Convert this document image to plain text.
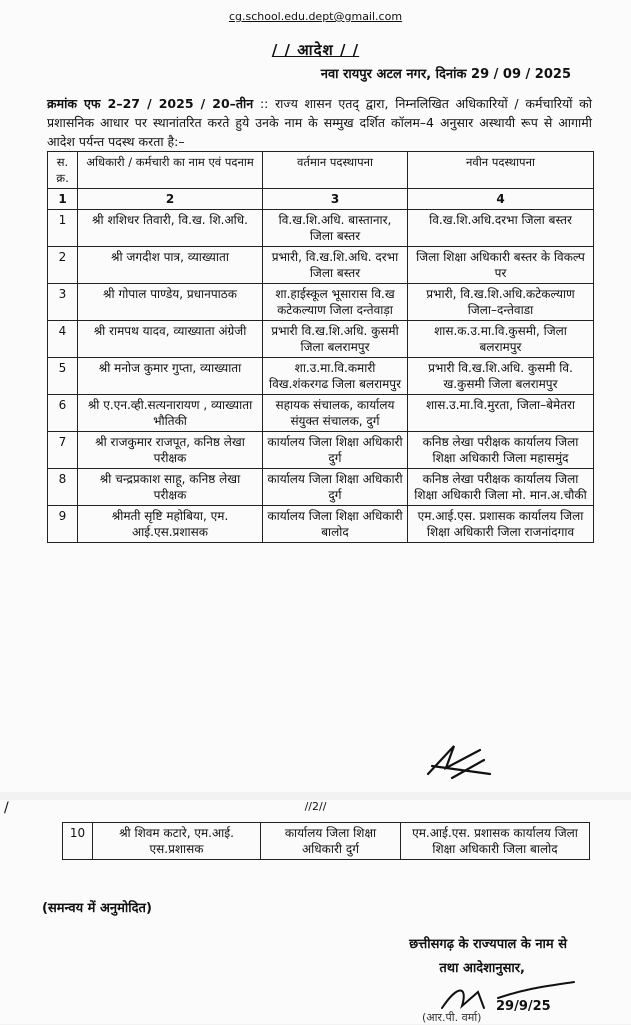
cg.school.edu.dept@gmail.com
/ / आदेश / /
नवा रायपुर अटल नगर, दिनांक 29 / 09 / 2025
क्रमांक एफ 2–27 / 2025 / 20–तीन :: राज्य शासन एतद् द्वारा, निम्नलिखित अधिकारियों / कर्मचारियों को प्रशासनिक आधार पर स्थानांतरित करते हुये उनके नाम के सम्मुख दर्शित कॉलम–4 अनुसार अस्थायी रूप से आगामी आदेश पर्यन्त पदस्थ करता है:–
स. क्र.	अधिकारी / कर्मचारी का नाम एवं पदनाम	वर्तमान पदस्थापना	नवीन पदस्थापना
1	2	3	4
1	श्री शशिधर तिवारी, वि.ख. शि.अधि.	वि.ख.शि.अधि. बास्तानार, जिला बस्तर	वि.ख.शि.अधि.दरभा जिला बस्तर
2	श्री जगदीश पात्र, व्याख्याता	प्रभारी, वि.ख.शि.अधि. दरभा जिला बस्तर	जिला शिक्षा अधिकारी बस्तर के विकल्प पर
3	श्री गोपाल पाण्डेय, प्रधानपाठक	शा.हाईस्कूल भूसारास वि.ख कटेकल्याण जिला दन्तेवाड़ा	प्रभारी, वि.ख.शि.अधि.कटेकल्याण जिला–दन्तेवाडा
4	श्री रामपथ यादव, व्याख्याता अंग्रेजी	प्रभारी वि.ख.शि.अधि. कुसमी जिला बलरामपुर	शास.क.उ.मा.वि.कुसमी, जिला बलरामपुर
5	श्री मनोज कुमार गुप्ता, व्याख्याता	शा.उ.मा.वि.कमारी विख.शंकरगढ जिला बलरामपुर	प्रभारी वि.ख.शि.अधि. कुसमी वि. ख.कुसमी जिला बलरामपुर
6	श्री ए.एन.व्ही.सत्यनारायण , व्याख्याता भौतिकी	सहायक संचालक, कार्यालय संयुक्त संचालक, दुर्ग	शास.उ.मा.वि.मुरता, जिला–बेमेतरा
7	श्री राजकुमार राजपूत, कनिष्ठ लेखा परीक्षक	कार्यालय जिला शिक्षा अधिकारी दुर्ग	कनिष्ठ लेखा परीक्षक कार्यालय जिला शिक्षा अधिकारी जिला महासमुंद
8	श्री चन्द्रप्रकाश साहू, कनिष्ठ लेखा परीक्षक	कार्यालय जिला शिक्षा अधिकारी दुर्ग	कनिष्ठ लेखा परीक्षक कार्यालय जिला शिक्षा अधिकारी जिला मो. मान.अ.चौकी
9	श्रीमती सृष्टि महोबिया, एम. आई.एस.प्रशासक	कार्यालय जिला शिक्षा अधिकारी बालोद	एम.आई.एस. प्रशासक कार्यालय जिला शिक्षा अधिकारी जिला राजनांदगाव
/	//2//
10	श्री शिवम कटारे, एम.आई. एस.प्रशासक	कार्यालय जिला शिक्षा अधिकारी दुर्ग	एम.आई.एस. प्रशासक कार्यालय जिला शिक्षा अधिकारी जिला बालोद
(समन्वय में अनुमोदित)
छत्तीसगढ़ के राज्यपाल के नाम से
तथा आदेशानुसार,
29/9/25
(आर.पी. वर्मा)
